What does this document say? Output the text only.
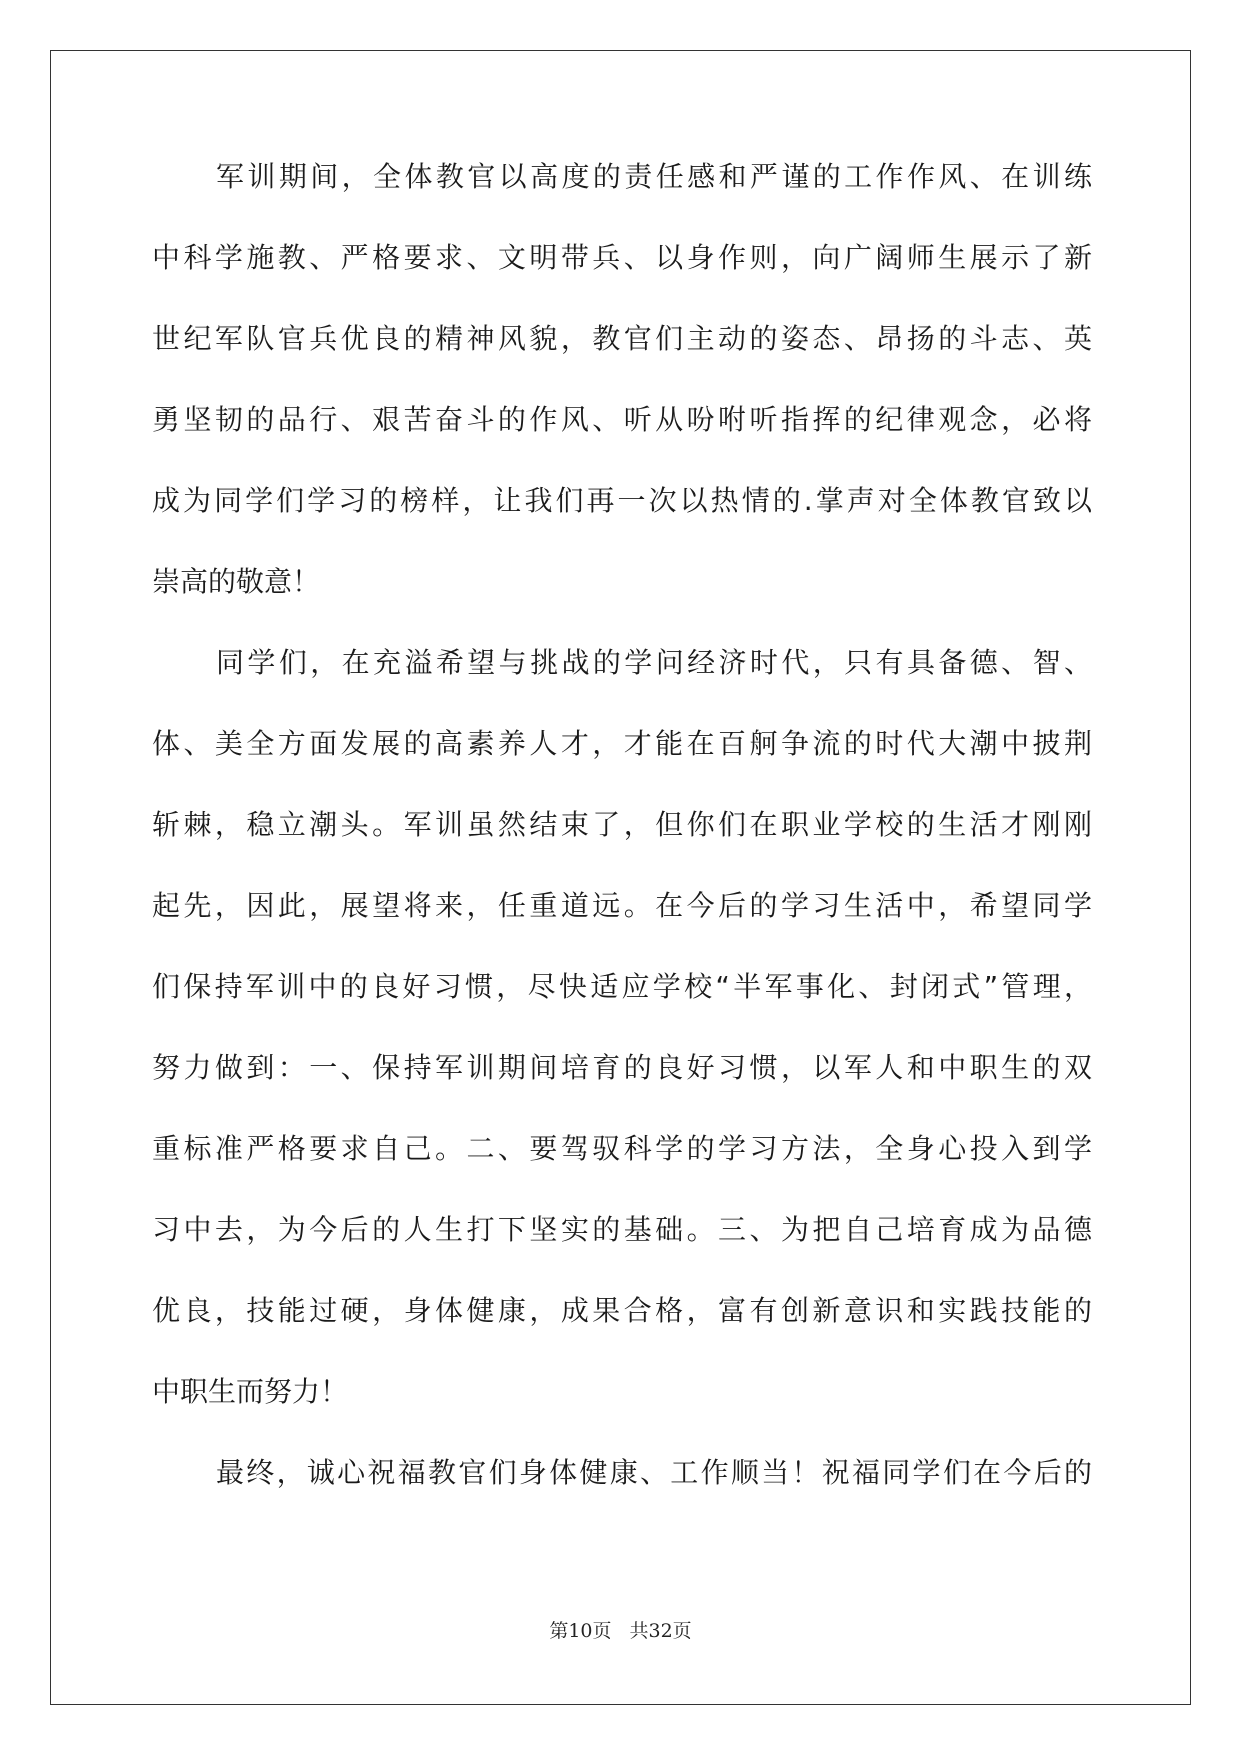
军训期间，全体教官以高度的责任感和严谨的工作作风、在训练
中科学施教、严格要求、文明带兵、以身作则，向广阔师生展示了新
世纪军队官兵优良的精神风貌，教官们主动的姿态、昂扬的斗志、英
勇坚韧的品行、艰苦奋斗的作风、听从吩咐听指挥的纪律观念，必将
成为同学们学习的榜样，让我们再一次以热情的.掌声对全体教官致以
崇高的敬意！
同学们，在充溢希望与挑战的学问经济时代，只有具备德、智、
体、美全方面发展的高素养人才，才能在百舸争流的时代大潮中披荆
斩棘，稳立潮头。军训虽然结束了，但你们在职业学校的生活才刚刚
起先，因此，展望将来，任重道远。在今后的学习生活中，希望同学
们保持军训中的良好习惯，尽快适应学校“半军事化、封闭式”管理，
努力做到：一、保持军训期间培育的良好习惯，以军人和中职生的双
重标准严格要求自己。二、要驾驭科学的学习方法，全身心投入到学
习中去，为今后的人生打下坚实的基础。三、为把自己培育成为品德
优良，技能过硬，身体健康，成果合格，富有创新意识和实践技能的
中职生而努力！
最终，诚心祝福教官们身体健康、工作顺当！祝福同学们在今后的
第10页 共32页
